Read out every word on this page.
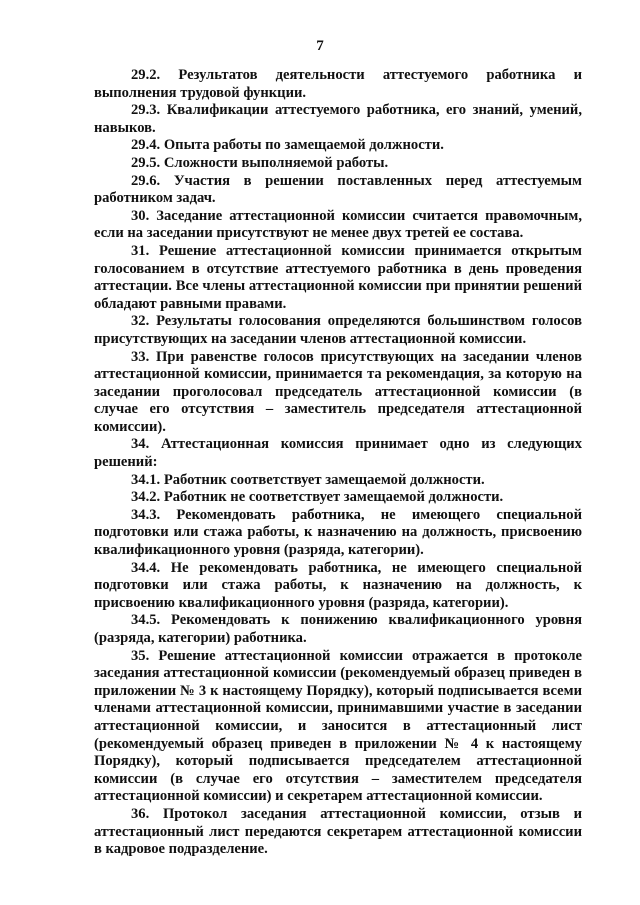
7

29.2. Результатов деятельности аттестуемого работника и выполнения трудовой функции.

29.3. Квалификации аттестуемого работника, его знаний, умений, навыков.

29.4. Опыта работы по замещаемой должности.

29.5. Сложности выполняемой работы.

29.6. Участия в решении поставленных перед аттестуемым работником задач.

30. Заседание аттестационной комиссии считается правомочным, если на заседании присутствуют не менее двух третей ее состава.

31. Решение аттестационной комиссии принимается открытым голосованием в отсутствие аттестуемого работника в день проведения аттестации. Все члены аттестационной комиссии при принятии решений обладают равными правами.

32. Результаты голосования определяются большинством голосов присутствующих на заседании членов аттестационной комиссии.

33. При равенстве голосов присутствующих на заседании членов аттестационной комиссии, принимается та рекомендация, за которую на заседании проголосовал председатель аттестационной комиссии (в случае его отсутствия – заместитель председателя аттестационной комиссии).

34. Аттестационная комиссия принимает одно из следующих решений:

34.1. Работник соответствует замещаемой должности.

34.2. Работник не соответствует замещаемой должности.

34.3. Рекомендовать работника, не имеющего специальной подготовки или стажа работы, к назначению на должность, присвоению квалификационного уровня (разряда, категории).

34.4. Не рекомендовать работника, не имеющего специальной подготовки или стажа работы, к назначению на должность, к присвоению квалификационного уровня (разряда, категории).

34.5. Рекомендовать к понижению квалификационного уровня (разряда, категории) работника.

35. Решение аттестационной комиссии отражается в протоколе заседания аттестационной комиссии (рекомендуемый образец приведен в приложении № 3 к настоящему Порядку), который подписывается всеми членами аттестационной комиссии, принимавшими участие в заседании аттестационной комиссии, и заносится в аттестационный лист (рекомендуемый образец приведен в приложении № 4 к настоящему Порядку), который подписывается председателем аттестационной комиссии (в случае его отсутствия – заместителем председателя аттестационной комиссии) и секретарем аттестационной комиссии.

36. Протокол заседания аттестационной комиссии, отзыв и аттестационный лист передаются секретарем аттестационной комиссии в кадровое подразделение.
